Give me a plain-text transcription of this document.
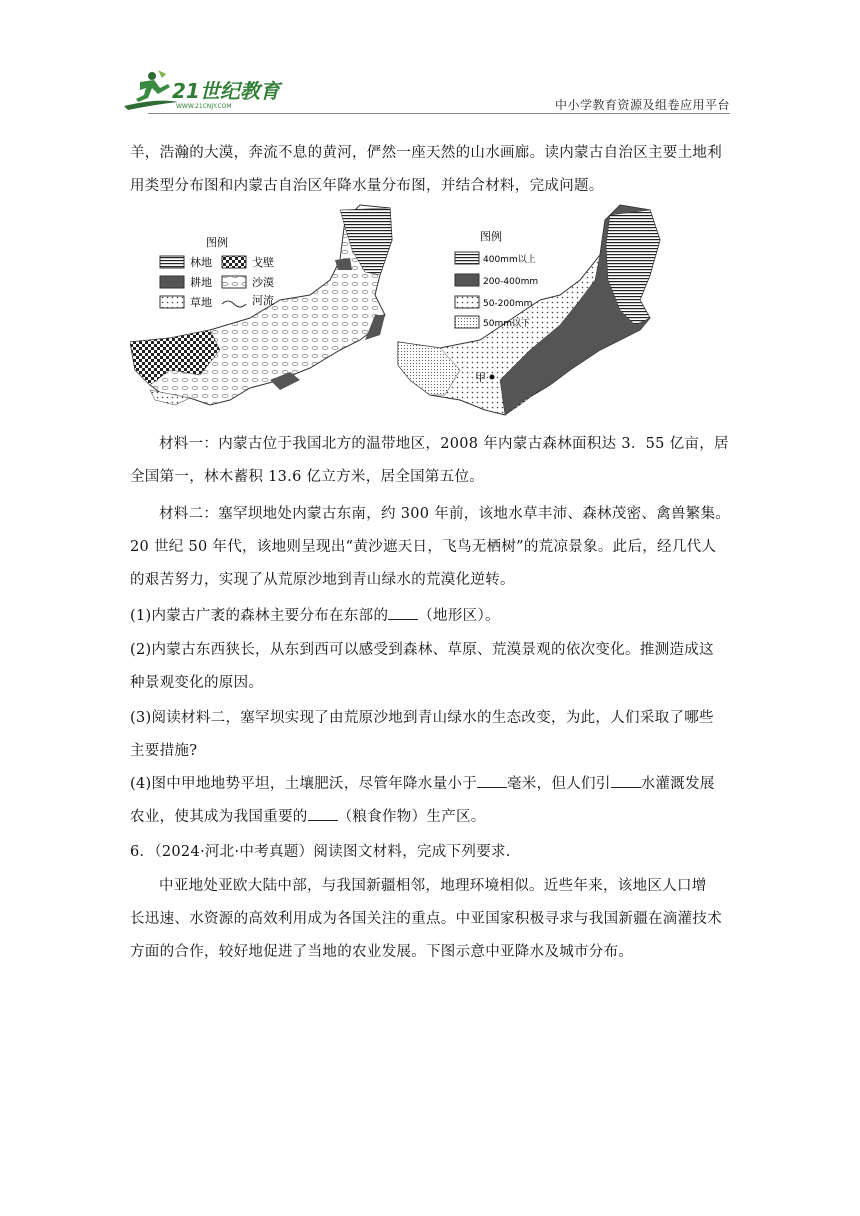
21世纪教育
WWW.21CNJY.COM	中小学教育资源及组卷应用平台
羊，浩瀚的大漠，奔流不息的黄河，俨然一座天然的山水画廊。读内蒙古自治区主要土地利
用类型分布图和内蒙古自治区年降水量分布图，并结合材料，完成问题。
图例
林地	戈壁
耕地	沙漠
草地	河流
甲
图例
400mm以上
200-400mm
50-200mm
50mm以下
材料一：内蒙古位于我国北方的温带地区，2008 年内蒙古森林面积达 3．55 亿亩，居
全国第一，林木蓄积 13.6 亿立方米，居全国第五位。
材料二：塞罕坝地处内蒙古东南，约 300 年前，该地水草丰沛、森林茂密、禽兽繁集。
20 世纪 50 年代，该地则呈现出“黄沙遮天日，飞鸟无栖树”的荒凉景象。此后，经几代人
的艰苦努力，实现了从荒原沙地到青山绿水的荒漠化逆转。
(1)内蒙古广袤的森林主要分布在东部的 （地形区）。
(2)内蒙古东西狭长，从东到西可以感受到森林、草原、荒漠景观的依次变化。推测造成这
种景观变化的原因。
(3)阅读材料二，塞罕坝实现了由荒原沙地到青山绿水的生态改变，为此，人们采取了哪些
主要措施?
(4)图中甲地地势平坦，土壤肥沃，尽管年降水量小于 毫米，但人们引 水灌溉发展
农业，使其成为我国重要的 （粮食作物）生产区。
6．（2024·河北·中考真题）阅读图文材料，完成下列要求.
中亚地处亚欧大陆中部，与我国新疆相邻，地理环境相似。近些年来，该地区人口增
长迅速、水资源的高效利用成为各国关注的重点。中亚国家积极寻求与我国新疆在滴灌技术
方面的合作，较好地促进了当地的农业发展。下图示意中亚降水及城市分布。
